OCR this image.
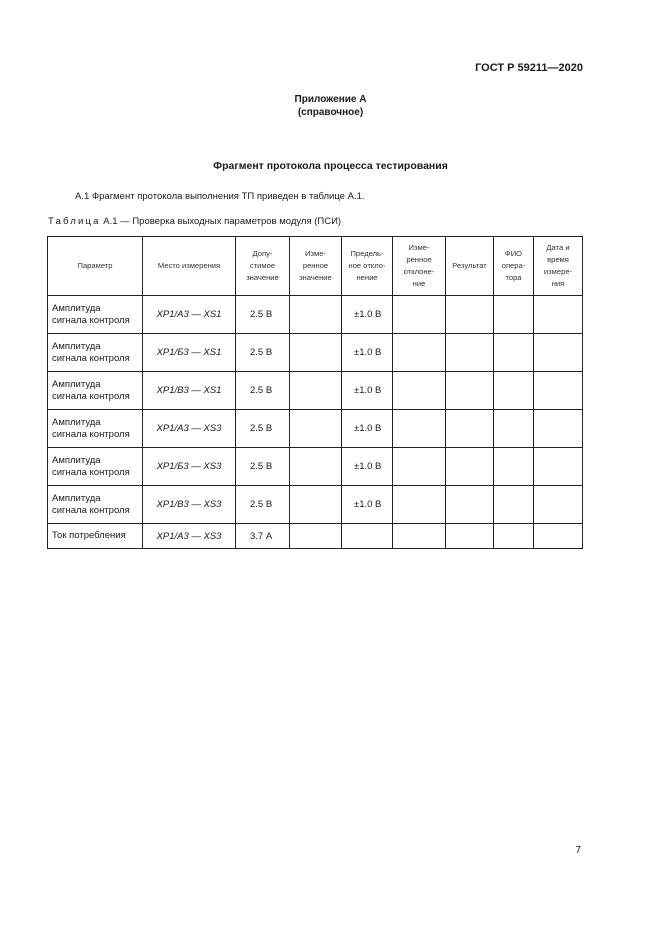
ГОСТ Р 59211—2020
Приложение А
(справочное)
Фрагмент протокола процесса тестирования
А.1 Фрагмент протокола выполнения ТП приведен в таблице А.1.
Таблица А.1 — Проверка выходных параметров модуля (ПСИ)
Параметр	Место измерения	Допу-
стимое
значение	Изме-
ренное
значение	Предель-
ное откло-
нение	Изме-
ренное
отклоне-
ние	Результат	ФИО
опера-
тора	Дата и
время
измере-
ния
Амплитуда
сигнала контроля	XP1/А3 — XS1	2.5 В		±1.0 В				
Амплитуда
сигнала контроля	XP1/Б3 — XS1	2.5 В		±1.0 В				
Амплитуда
сигнала контроля	XP1/В3 — XS1	2.5 В		±1.0 В				
Амплитуда
сигнала контроля	XP1/А3 — XS3	2.5 В		±1.0 В				
Амплитуда
сигнала контроля	XP1/Б3 — XS3	2.5 В		±1.0 В				
Амплитуда
сигнала контроля	XP1/В3 — XS3	2.5 В		±1.0 В				
Ток потребления	XP1/А3 — XS3	3.7 А						
7
